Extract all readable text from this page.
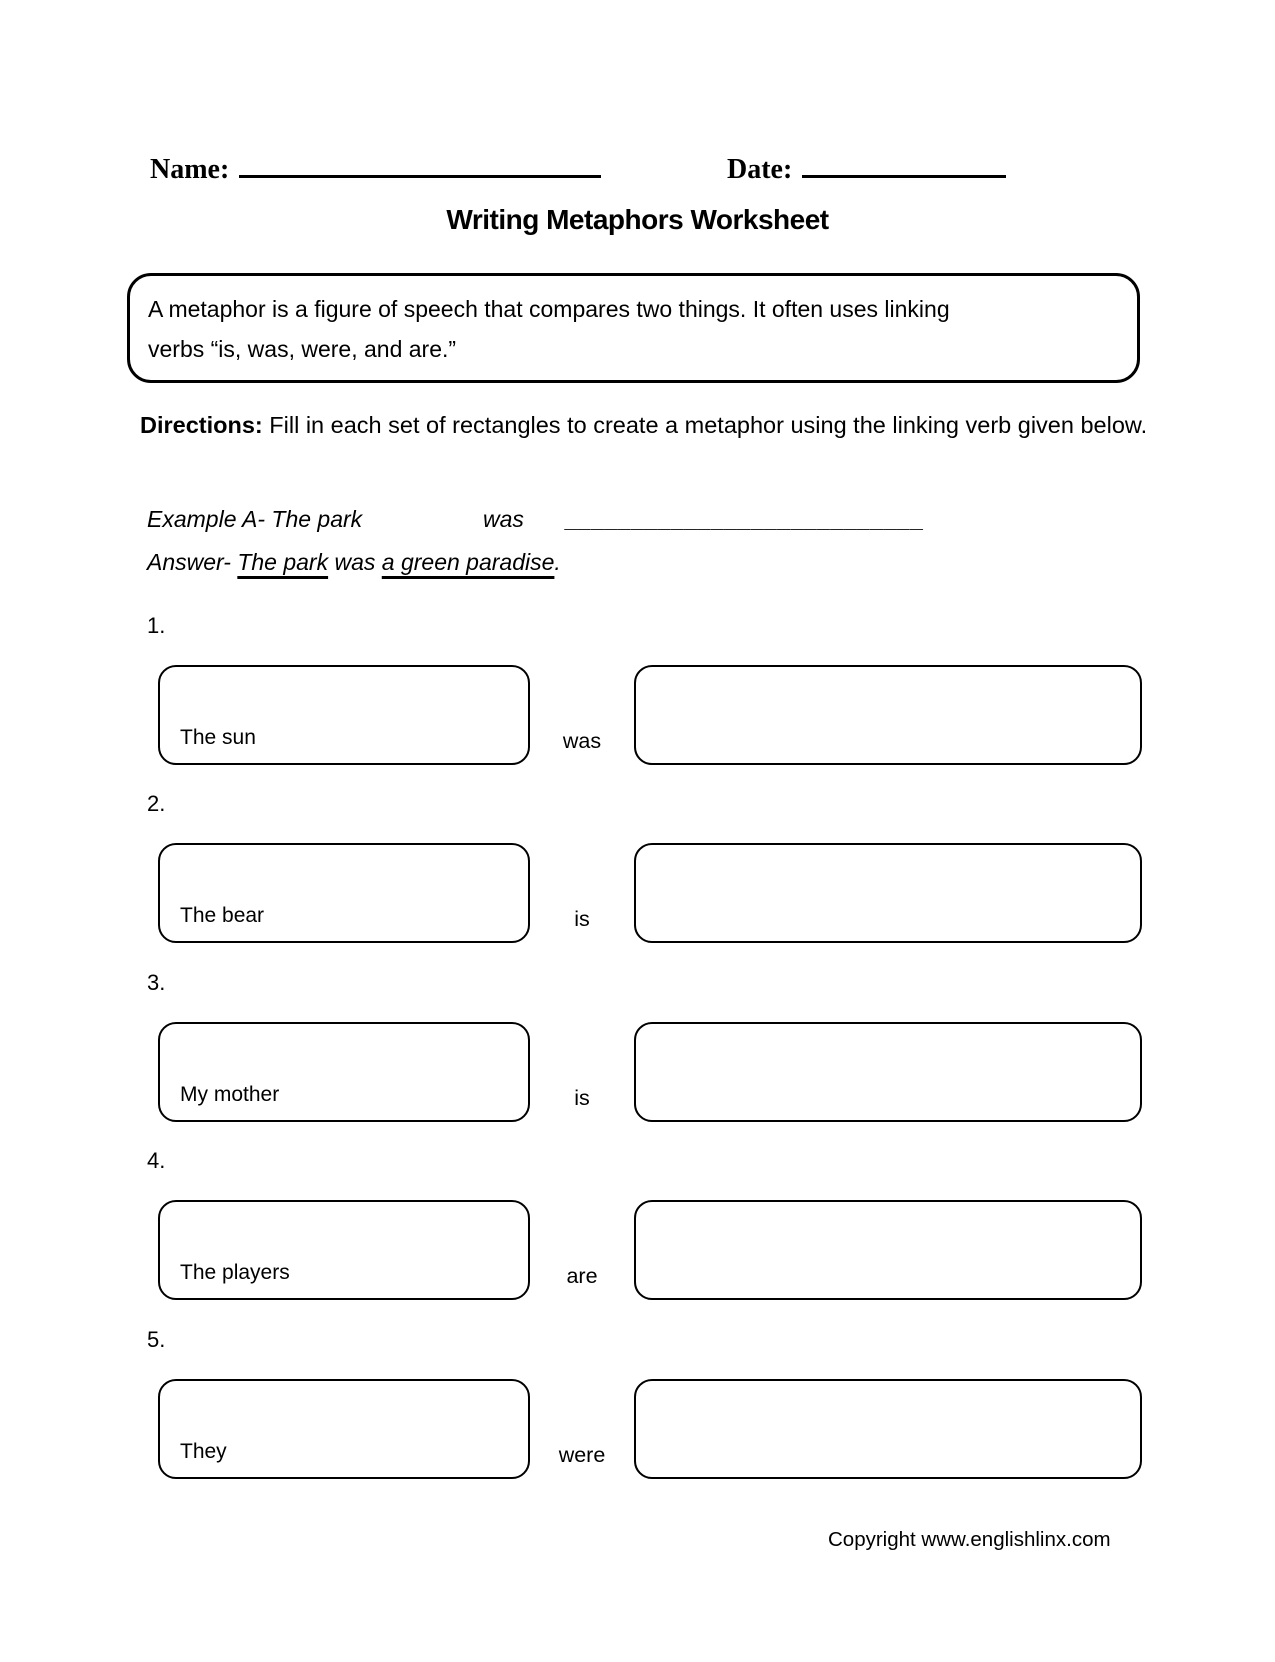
Name:	Date:
Writing Metaphors Worksheet
A metaphor is a figure of speech that compares two things. It often uses linking
verbs “is, was, were, and are.”
Directions: Fill in each set of rectangles to create a metaphor using the linking verb given below.
Example A- The park	was ___________________________
Answer- The park was a green paradise.
1.
The sun	was
2.
The bear	is
3.
My mother	is
4.
The players	are
5.
They	were
Copyright www.englishlinx.com
